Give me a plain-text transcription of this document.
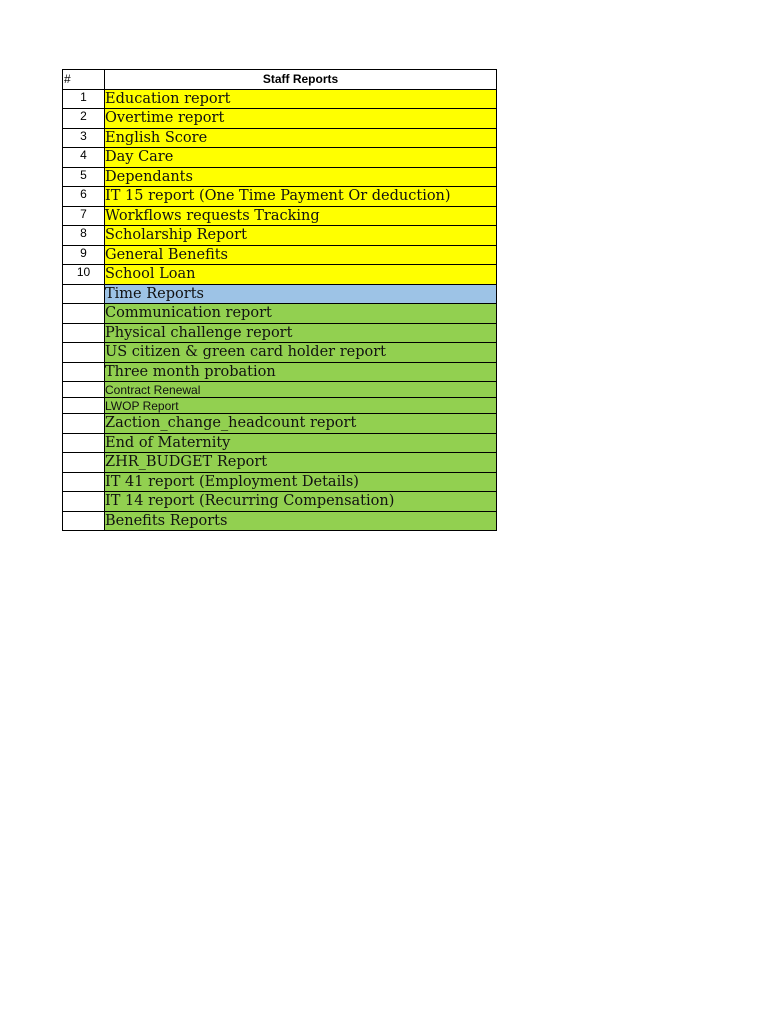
#	Staff Reports
1	Education report
2	Overtime report
3	English Score
4	Day Care
5	Dependants
6	IT 15 report (One Time Payment Or deduction)
7	Workflows requests Tracking
8	Scholarship Report
9	General Benefits
10	School Loan
	Time Reports
	Communication report
	Physical challenge report
	US citizen & green card holder report
	Three month probation
	Contract Renewal
	LWOP Report
	Zaction_change_headcount report
	End of Maternity
	ZHR_BUDGET Report
	IT 41 report (Employment Details)
	IT 14 report (Recurring Compensation)
	Benefits Reports
